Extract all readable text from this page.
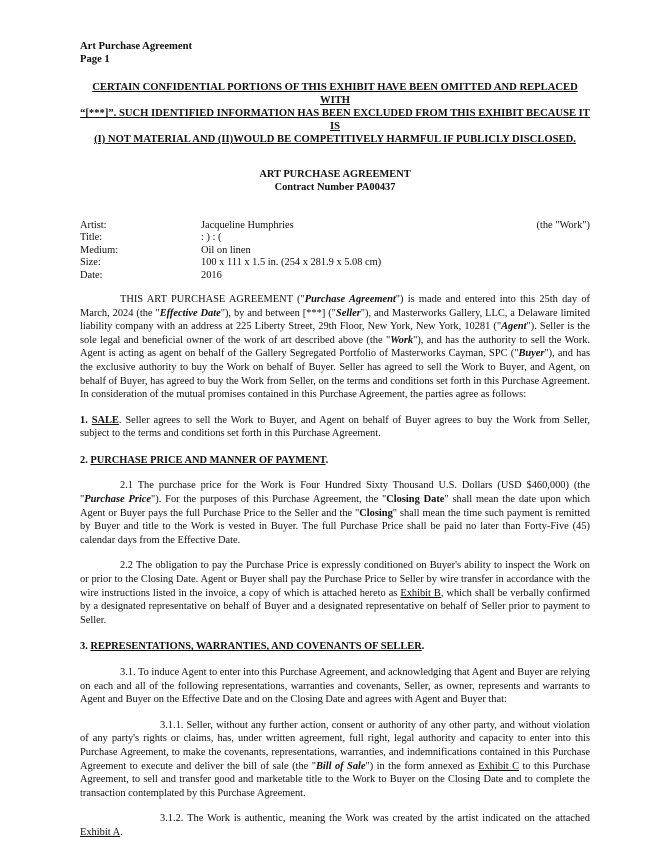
Art Purchase Agreement
Page 1
CERTAIN CONFIDENTIAL PORTIONS OF THIS EXHIBIT HAVE BEEN OMITTED AND REPLACED WITH
“[***]”. SUCH IDENTIFIED INFORMATION HAS BEEN EXCLUDED FROM THIS EXHIBIT BECAUSE IT IS
(I) NOT MATERIAL AND (II)WOULD BE COMPETITIVELY HARMFUL IF PUBLICLY DISCLOSED.
ART PURCHASE AGREEMENT
Contract Number PA00437
Artist:	Jacqueline Humphries	(the "Work")
Title:	: ) : (
Medium:	Oil on linen
Size:	100 x 111 x 1.5 in. (254 x 281.9 x 5.08 cm)
Date:	2016

THIS ART PURCHASE AGREEMENT ("Purchase Agreement") is made and entered into this 25th day of March, 2024 (the "Effective Date"), by and between [***] ("Seller"), and Masterworks Gallery, LLC, a Delaware limited liability company with an address at 225 Liberty Street, 29th Floor, New York, New York, 10281 ("Agent"). Seller is the sole legal and beneficial owner of the work of art described above (the "Work"), and has the authority to sell the Work. Agent is acting as agent on behalf of the Gallery Segregated Portfolio of Masterworks Cayman, SPC ("Buyer"), and has the exclusive authority to buy the Work on behalf of Buyer. Seller has agreed to sell the Work to Buyer, and Agent, on behalf of Buyer, has agreed to buy the Work from Seller, on the terms and conditions set forth in this Purchase Agreement. In consideration of the mutual promises contained in this Purchase Agreement, the parties agree as follows:

1. SALE. Seller agrees to sell the Work to Buyer, and Agent on behalf of Buyer agrees to buy the Work from Seller, subject to the terms and conditions set forth in this Purchase Agreement.

2. PURCHASE PRICE AND MANNER OF PAYMENT.

2.1 The purchase price for the Work is Four Hundred Sixty Thousand U.S. Dollars (USD $460,000) (the "Purchase Price"). For the purposes of this Purchase Agreement, the "Closing Date" shall mean the date upon which Agent or Buyer pays the full Purchase Price to the Seller and the "Closing" shall mean the time such payment is remitted by Buyer and title to the Work is vested in Buyer. The full Purchase Price shall be paid no later than Forty-Five (45) calendar days from the Effective Date.

2.2 The obligation to pay the Purchase Price is expressly conditioned on Buyer's ability to inspect the Work on or prior to the Closing Date. Agent or Buyer shall pay the Purchase Price to Seller by wire transfer in accordance with the wire instructions listed in the invoice, a copy of which is attached hereto as Exhibit B, which shall be verbally confirmed by a designated representative on behalf of Buyer and a designated representative on behalf of Seller prior to payment to Seller.

3. REPRESENTATIONS, WARRANTIES, AND COVENANTS OF SELLER.

3.1. To induce Agent to enter into this Purchase Agreement, and acknowledging that Agent and Buyer are relying on each and all of the following representations, warranties and covenants, Seller, as owner, represents and warrants to Agent and Buyer on the Effective Date and on the Closing Date and agrees with Agent and Buyer that:

3.1.1. Seller, without any further action, consent or authority of any other party, and without violation of any party's rights or claims, has, under written agreement, full right, legal authority and capacity to enter into this Purchase Agreement, to make the covenants, representations, warranties, and indemnifications contained in this Purchase Agreement to execute and deliver the bill of sale (the "Bill of Sale") in the form annexed as Exhibit C to this Purchase Agreement, to sell and transfer good and marketable title to the Work to Buyer on the Closing Date and to complete the transaction contemplated by this Purchase Agreement.

3.1.2. The Work is authentic, meaning the Work was created by the artist indicated on the attached Exhibit A.
